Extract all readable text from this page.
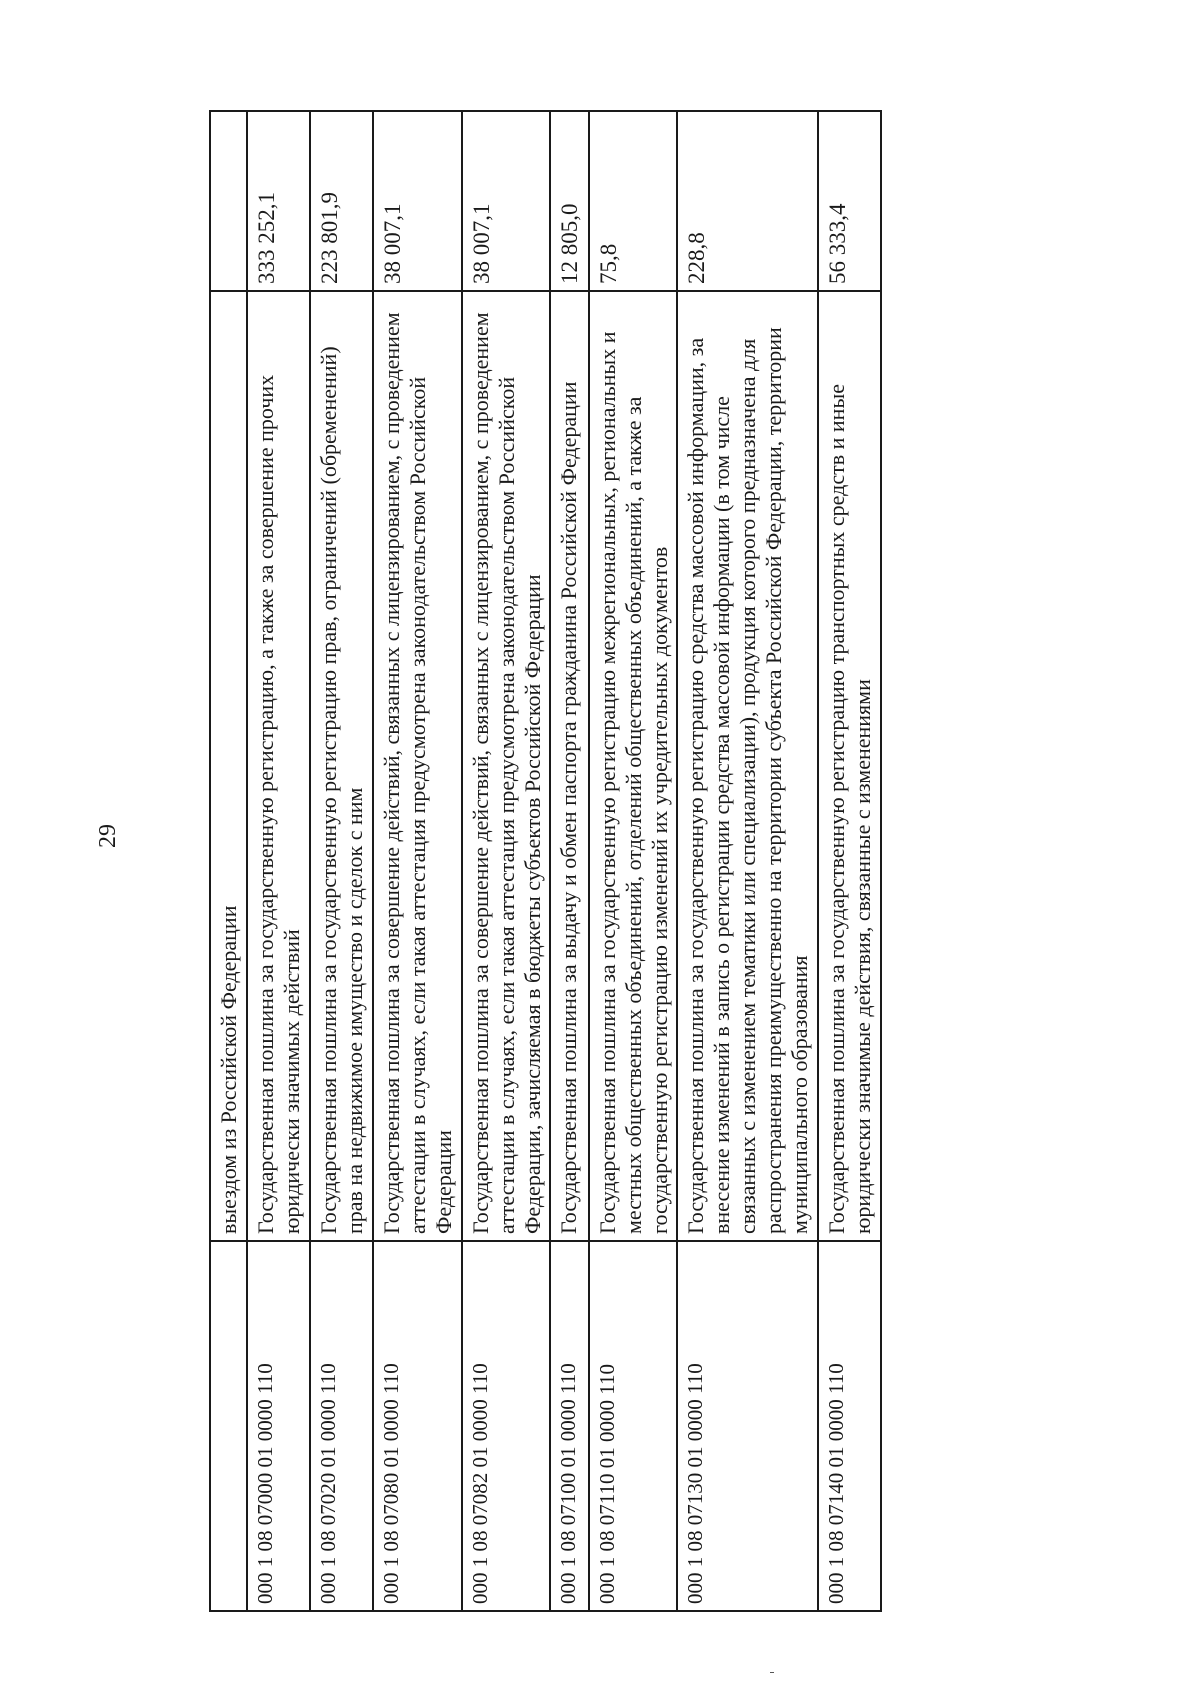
29
	выездом из Российской Федерации	
000 1 08 07000 01 0000 110	Государственная пошлина за государственную регистрацию, а также за совершение прочих юридически значимых действий	333 252,1
000 1 08 07020 01 0000 110	Государственная пошлина за государственную регистрацию прав, ограничений (обременений) прав на недвижимое имущество и сделок с ним	223 801,9
000 1 08 07080 01 0000 110	Государственная пошлина за совершение действий, связанных с лицензированием, с проведением аттестации в случаях, если такая аттестация предусмотрена законодательством Российской Федерации	38 007,1
000 1 08 07082 01 0000 110	Государственная пошлина за совершение действий, связанных с лицензированием, с проведением аттестации в случаях, если такая аттестация предусмотрена законодательством Российской Федерации, зачисляемая в бюджеты субъектов Российской Федерации	38 007,1
000 1 08 07100 01 0000 110	Государственная пошлина за выдачу и обмен паспорта гражданина Российской Федерации	12 805,0
000 1 08 07110 01 0000 110	Государственная пошлина за государственную регистрацию межрегиональных, региональных и местных общественных объединений, отделений общественных объединений, а также за государственную регистрацию изменений их учредительных документов	75,8
000 1 08 07130 01 0000 110	Государственная пошлина за государственную регистрацию средства массовой информации, за внесение изменений в запись о регистрации средства массовой информации (в том числе связанных с изменением тематики или специализации), продукция которого предназначена для распространения преимущественно на территории субъекта Российской Федерации, территории муниципального образования	228,8
000 1 08 07140 01 0000 110	Государственная пошлина за государственную регистрацию транспортных средств и иные юридически значимые действия, связанные с изменениями	56 333,4
